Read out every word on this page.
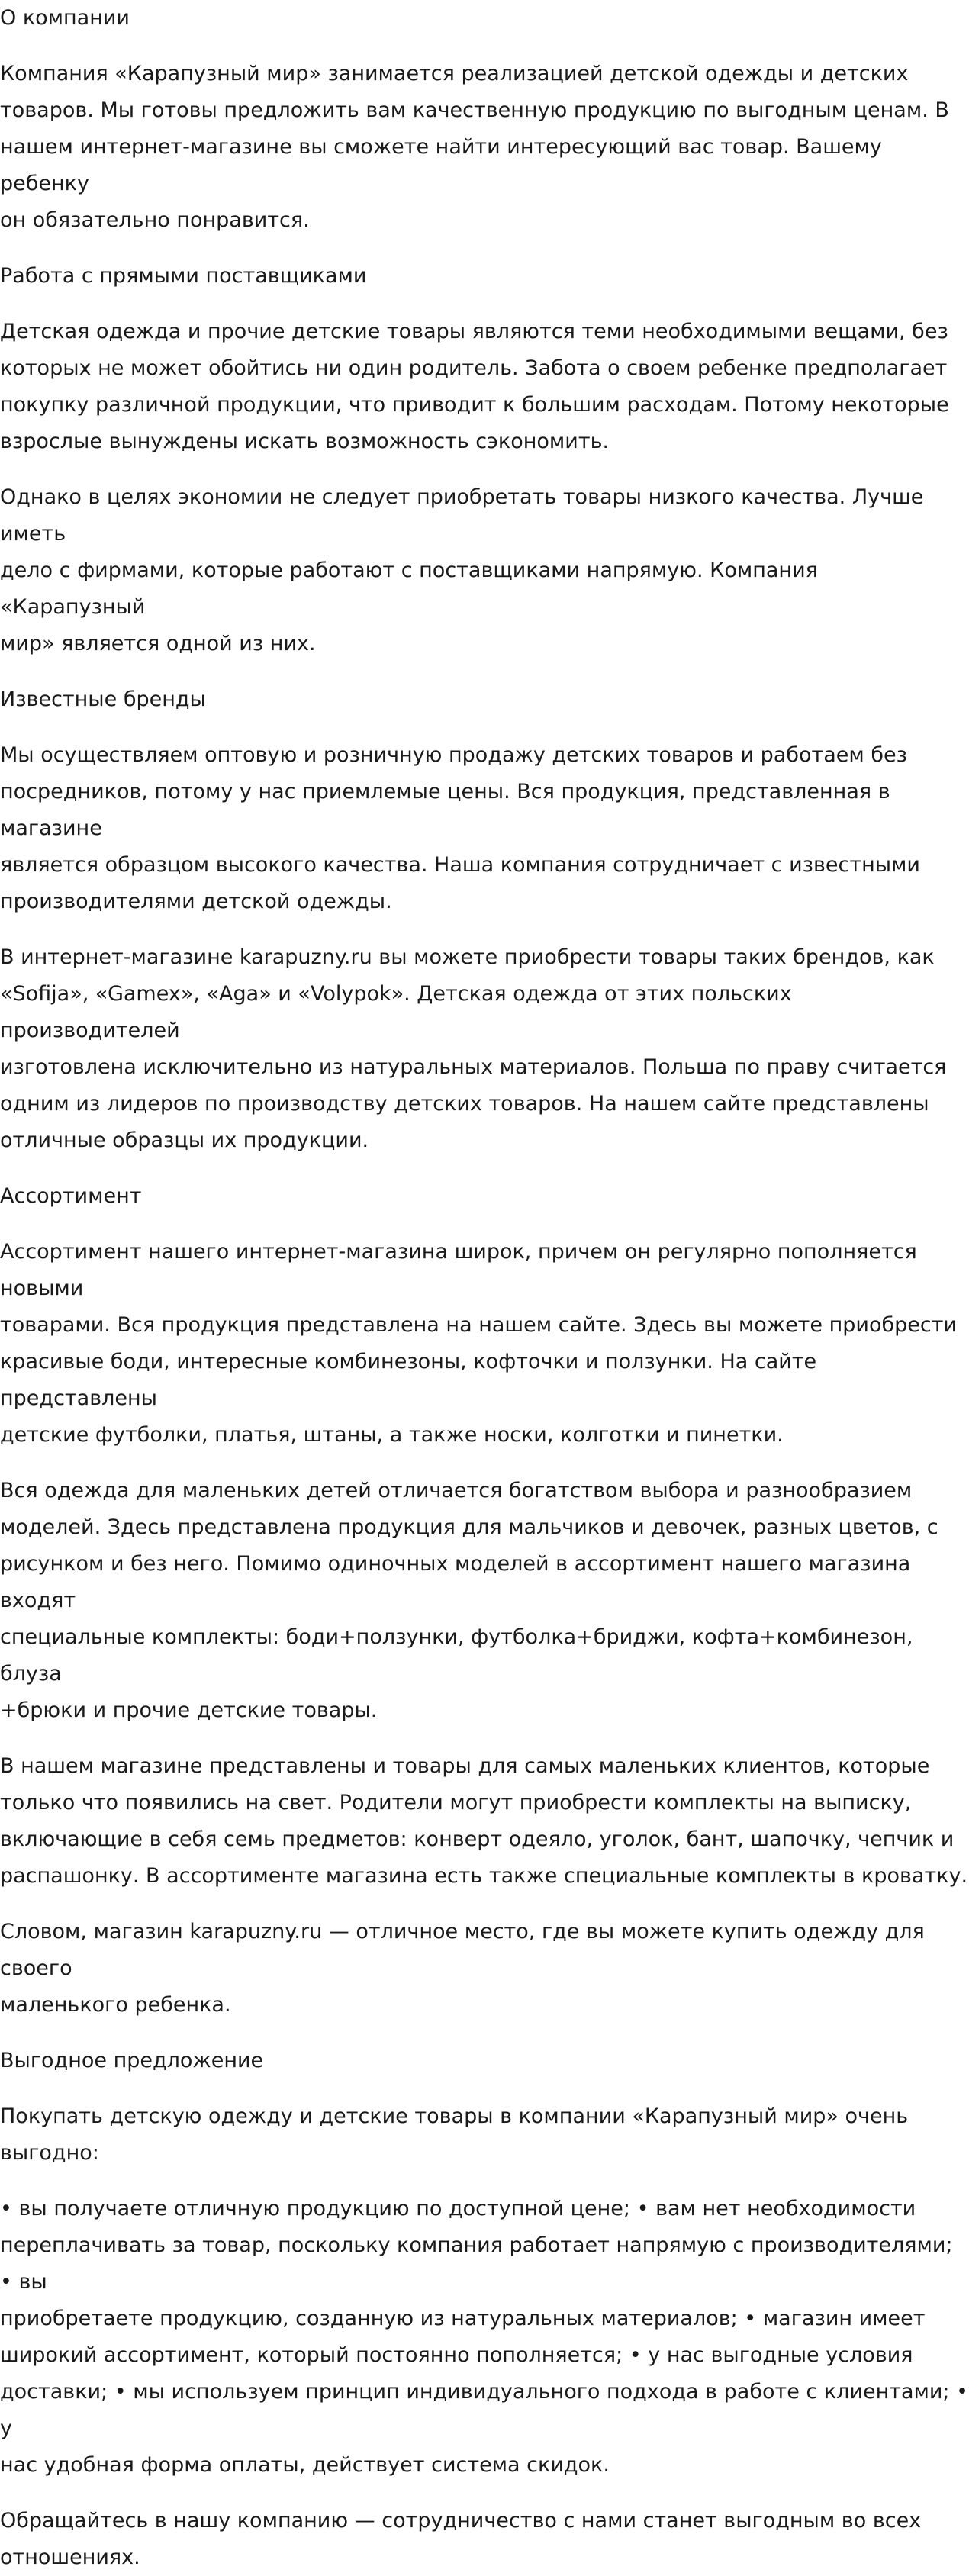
О компании

Компания «Карапузный мир» занимается реализацией детской одежды и детских
товаров. Мы готовы предложить вам качественную продукцию по выгодным ценам. В
нашем интернет-магазине вы сможете найти интересующий вас товар. Вашему ребенку
он обязательно понравится.

Работа с прямыми поставщиками

Детская одежда и прочие детские товары являются теми необходимыми вещами, без
которых не может обойтись ни один родитель. Забота о своем ребенке предполагает
покупку различной продукции, что приводит к большим расходам. Потому некоторые
взрослые вынуждены искать возможность сэкономить.

Однако в целях экономии не следует приобретать товары низкого качества. Лучше иметь
дело с фирмами, которые работают с поставщиками напрямую. Компания «Карапузный
мир» является одной из них.

Известные бренды

Мы осуществляем оптовую и розничную продажу детских товаров и работаем без
посредников, потому у нас приемлемые цены. Вся продукция, представленная в магазине
является образцом высокого качества. Наша компания сотрудничает с известными
производителями детской одежды.

В интернет-магазине karapuzny.ru вы можете приобрести товары таких брендов, как
«Sofija», «Gamex», «Aga» и «Volypok». Детская одежда от этих польских производителей
изготовлена исключительно из натуральных материалов. Польша по праву считается
одним из лидеров по производству детских товаров. На нашем сайте представлены
отличные образцы их продукции.

Ассортимент

Ассортимент нашего интернет-магазина широк, причем он регулярно пополняется новыми
товарами. Вся продукция представлена на нашем сайте. Здесь вы можете приобрести
красивые боди, интересные комбинезоны, кофточки и ползунки. На сайте представлены
детские футболки, платья, штаны, а также носки, колготки и пинетки.

Вся одежда для маленьких детей отличается богатством выбора и разнообразием
моделей. Здесь представлена продукция для мальчиков и девочек, разных цветов, с
рисунком и без него. Помимо одиночных моделей в ассортимент нашего магазина входят
специальные комплекты: боди+ползунки, футболка+бриджи, кофта+комбинезон, блуза
+брюки и прочие детские товары.

В нашем магазине представлены и товары для самых маленьких клиентов, которые
только что появились на свет. Родители могут приобрести комплекты на выписку,
включающие в себя семь предметов: конверт одеяло, уголок, бант, шапочку, чепчик и
распашонку. В ассортименте магазина есть также специальные комплекты в кроватку.

Словом, магазин karapuzny.ru — отличное место, где вы можете купить одежду для своего
маленького ребенка.

Выгодное предложение

Покупать детскую одежду и детские товары в компании «Карапузный мир» очень
выгодно:

• вы получаете отличную продукцию по доступной цене; • вам нет необходимости
переплачивать за товар, поскольку компания работает напрямую с производителями; • вы
приобретаете продукцию, созданную из натуральных материалов; • магазин имеет
широкий ассортимент, который постоянно пополняется; • у нас выгодные условия
доставки; • мы используем принцип индивидуального подхода в работе с клиентами; • у
нас удобная форма оплаты, действует система скидок.

Обращайтесь в нашу компанию — сотрудничество с нами станет выгодным во всех
отношениях.
